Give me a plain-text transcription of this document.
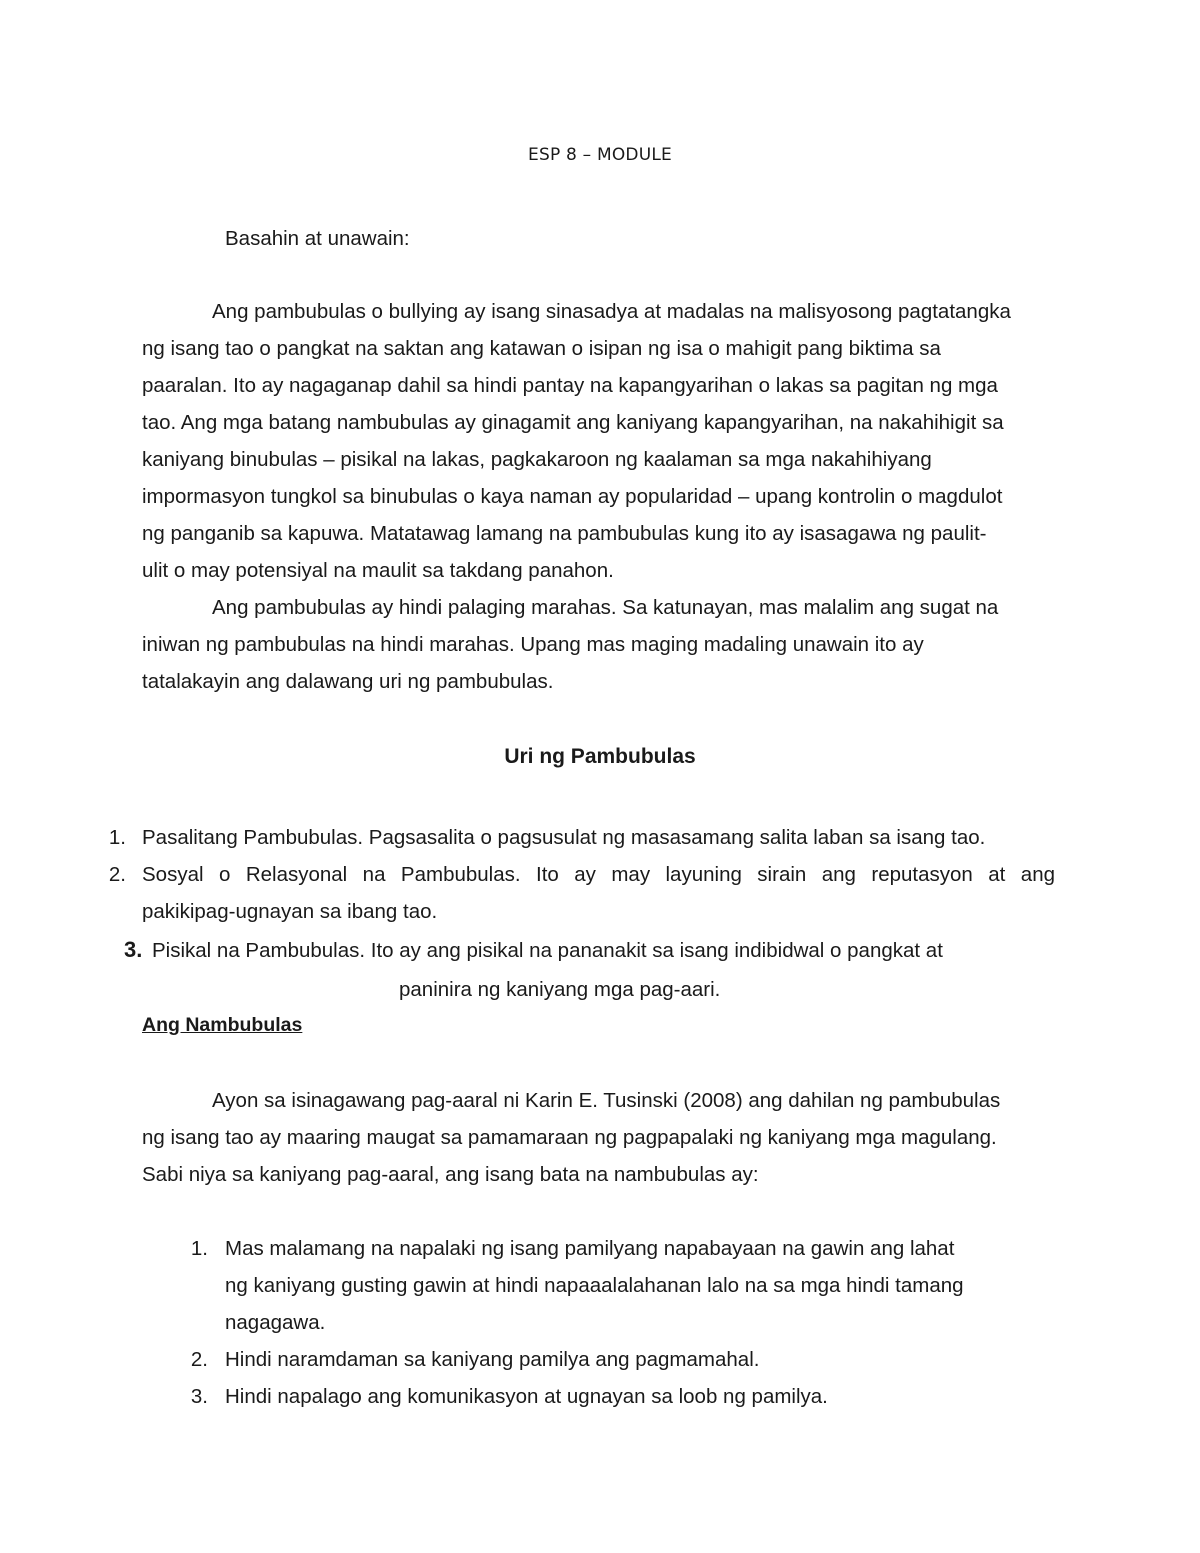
ESP 8 – MODULE
Basahin at unawain:
Ang pambubulas o bullying ay isang sinasadya at madalas na malisyosong pagtatangka
ng isang tao o pangkat na saktan ang katawan o isipan ng isa o mahigit pang biktima sa
paaralan. Ito ay nagaganap dahil sa hindi pantay na kapangyarihan o lakas sa pagitan ng mga
tao. Ang mga batang nambubulas ay ginagamit ang kaniyang kapangyarihan, na nakahihigit sa
kaniyang binubulas – pisikal na lakas, pagkakaroon ng kaalaman sa mga nakahihiyang
impormasyon tungkol sa binubulas o kaya naman ay popularidad – upang kontrolin o magdulot
ng panganib sa kapuwa. Matatawag lamang na pambubulas kung ito ay isasagawa ng paulit-
ulit o may potensiyal na maulit sa takdang panahon.
Ang pambubulas ay hindi palaging marahas. Sa katunayan, mas malalim ang sugat na
iniwan ng pambubulas na hindi marahas. Upang mas maging madaling unawain ito ay
tatalakayin ang dalawang uri ng pambubulas.
Uri ng Pambubulas
1. Pasalitang Pambubulas. Pagsasalita o pagsusulat ng masasamang salita laban sa isang tao.
2. Sosyal o Relasyonal na Pambubulas. Ito ay may layuning sirain ang reputasyon at ang
pakikipag-ugnayan sa ibang tao.
3. Pisikal na Pambubulas. Ito ay ang pisikal na pananakit sa isang indibidwal o pangkat at
paninira ng kaniyang mga pag-aari.
Ang Nambubulas
Ayon sa isinagawang pag-aaral ni Karin E. Tusinski (2008) ang dahilan ng pambubulas
ng isang tao ay maaring maugat sa pamamaraan ng pagpapalaki ng kaniyang mga magulang.
Sabi niya sa kaniyang pag-aaral, ang isang bata na nambubulas ay:
1. Mas malamang na napalaki ng isang pamilyang napabayaan na gawin ang lahat
ng kaniyang gusting gawin at hindi napaaalalahanan lalo na sa mga hindi tamang
nagagawa.
2. Hindi naramdaman sa kaniyang pamilya ang pagmamahal.
3. Hindi napalago ang komunikasyon at ugnayan sa loob ng pamilya.
